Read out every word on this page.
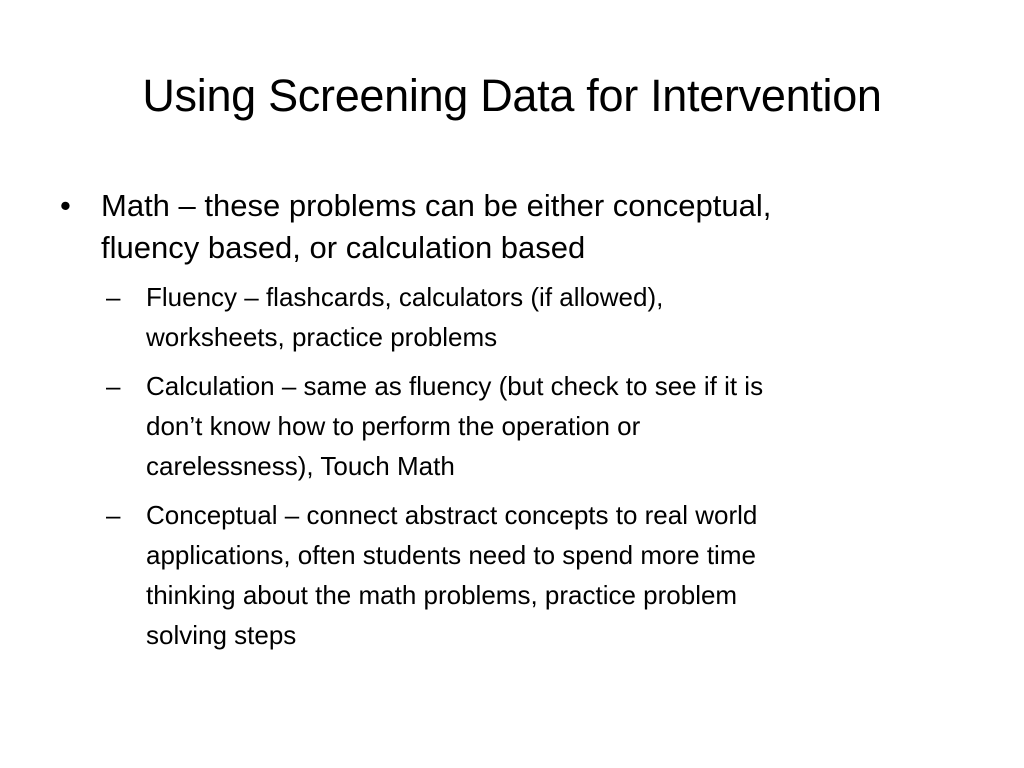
Using Screening Data for Intervention
• Math – these problems can be either conceptual,
fluency based, or calculation based
– Fluency – flashcards, calculators (if allowed),
worksheets, practice problems
– Calculation – same as fluency (but check to see if it is
don’t know how to perform the operation or
carelessness), Touch Math
– Conceptual – connect abstract concepts to real world
applications, often students need to spend more time
thinking about the math problems, practice problem
solving steps
